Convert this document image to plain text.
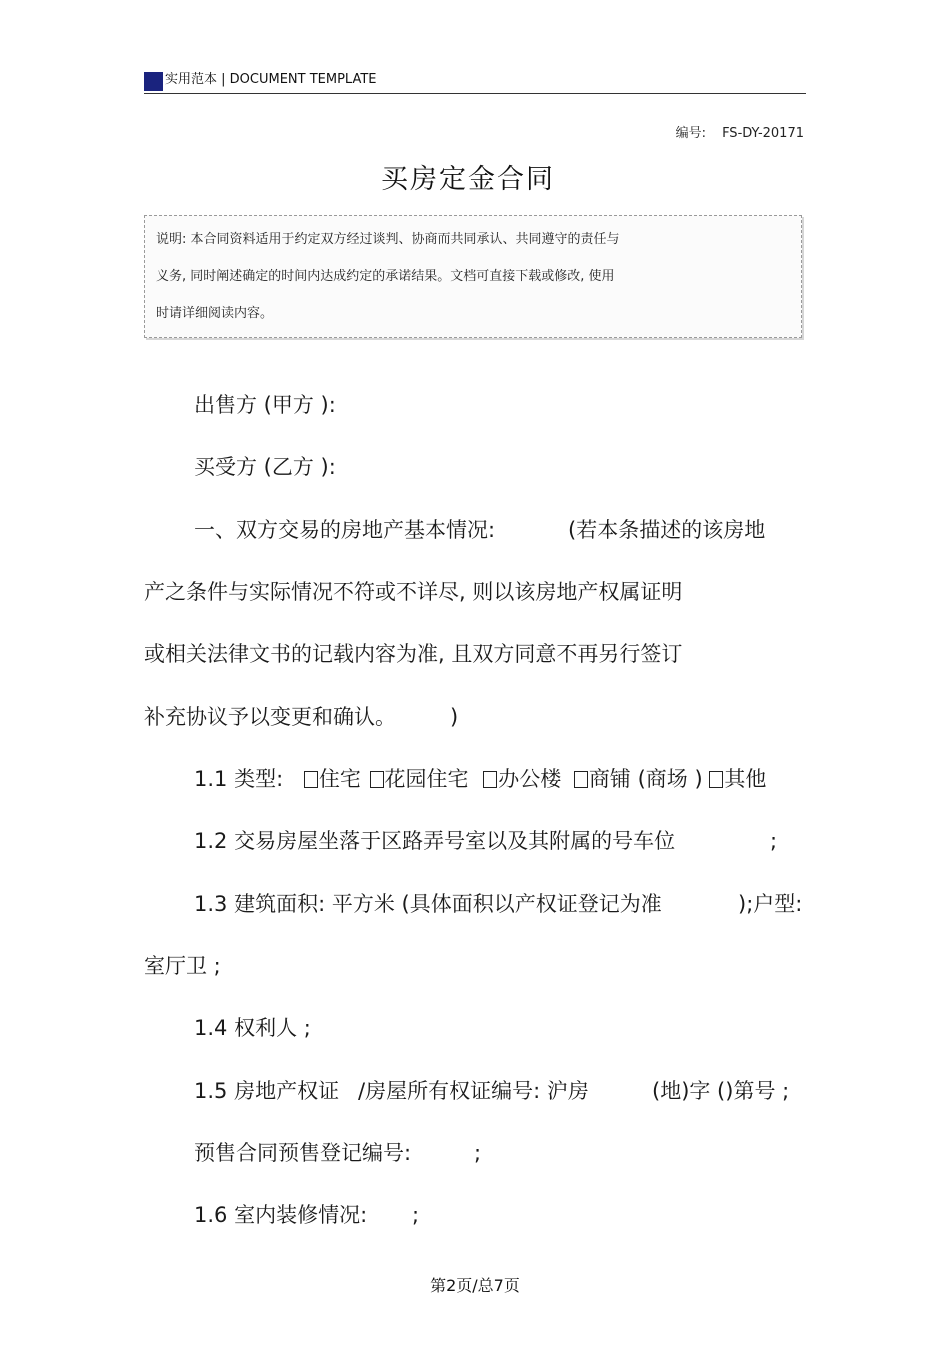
实用范本 | DOCUMENT TEMPLATE
编号: FS-DY-20171
买房定金合同
说明: 本合同资料适用于约定双方经过谈判、协商而共同承认、共同遵守的责任与
义务, 同时阐述确定的时间内达成约定的承诺结果。文档可直接下载或修改, 使用
时请详细阅读内容。
出售方 (甲方 ):
买受方 (乙方 ):
一、双方交易的房地产基本情况:	(若本条描述的该房地
产之条件与实际情况不符或不详尽, 则以该房地产权属证明
或相关法律文书的记载内容为准, 且双方同意不再另行签订
补充协议予以变更和确认。	)
1.1 类型: 住宅 花园住宅 办公楼 商铺 (商场 ) 其他
1.2 交易房屋坐落于区路弄号室以及其附属的号车位	;
1.3 建筑面积: 平方米 (具体面积以产权证登记为准	);户型:
室厅卫 ;
1.4 权利人 ;
1.5 房地产权证 /房屋所有权证编号: 沪房	(地)字 ()第号 ;
预售合同预售登记编号:	;
1.6 室内装修情况: ;
第2页/总7页
